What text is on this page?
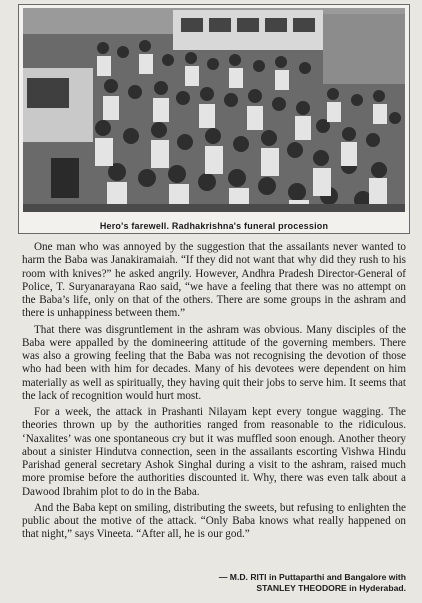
Hero's farewell. Radhakrishna's funeral procession

One man who was annoyed by the suggestion that the assailants never wanted to harm the Baba was Janakiramaiah. “If they did not want that why did they rush to his room with knives?” he asked angrily. However, Andhra Pradesh Director-General of Police, T. Suryanarayana Rao said, “we have a feeling that there was no attempt on the Baba’s life, only on that of the others. There are some groups in the ashram and there is unhappiness between them.”

That there was disgruntlement in the ashram was obvious. Many disciples of the Baba were appalled by the domineering attitude of the governing members. There was also a growing feeling that the Baba was not recognising the devotion of those who had been with him for decades. Many of his devotees were dependent on him materially as well as spiritually, they having quit their jobs to serve him. It seems that the lack of recognition would hurt most.

For a week, the attack in Prashanti Nilayam kept every tongue wagging. The theories thrown up by the authorities ranged from reasonable to the ridiculous. ‘Naxalites’ was one spontaneous cry but it was muffled soon enough. Another theory about a sinister Hindutva connection, seen in the assailants escorting Vishwa Hindu Parishad general secretary Ashok Singhal during a visit to the ashram, raised much more promise before the authorities discounted it. Why, there was even talk about a Dawood Ibrahim plot to do in the Baba.

And the Baba kept on smiling, distributing the sweets, but refusing to enlighten the public about the motive of the attack. “Only Baba knows what really happened on that night,” says Vineeta. “After all, he is our god.”

— M.D. RITI in Puttaparthi and Bangalore with
STANLEY THEODORE in Hyderabad.
